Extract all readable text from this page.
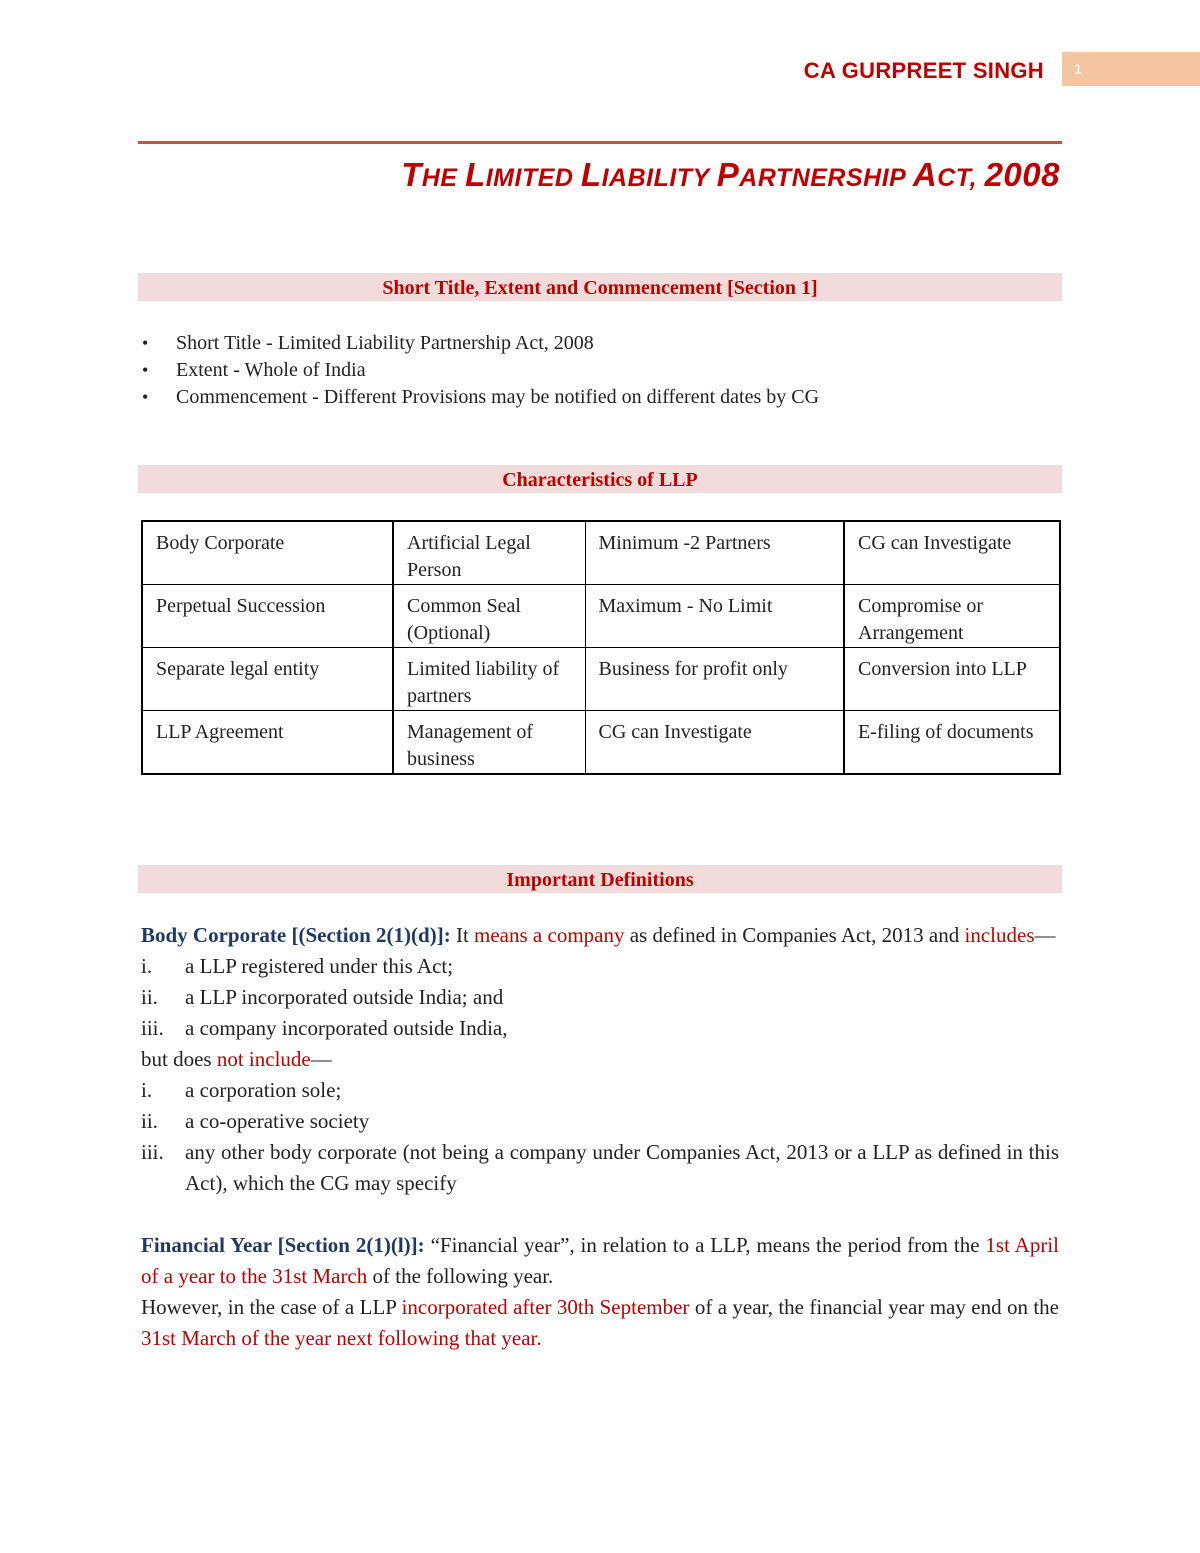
CA GURPREET SINGH	1
THE LIMITED LIABILITY PARTNERSHIP ACT, 2008
Short Title, Extent and Commencement [Section 1]
• Short Title - Limited Liability Partnership Act, 2008
• Extent - Whole of India
• Commencement - Different Provisions may be notified on different dates by CG
Characteristics of LLP
Body Corporate	Artificial Legal Person	Minimum -2 Partners	CG can Investigate
Perpetual Succession	Common Seal (Optional)	Maximum - No Limit	Compromise or Arrangement
Separate legal entity	Limited liability of partners	Business for profit only	Conversion into LLP
LLP Agreement	Management of business	CG can Investigate	E-filing of documents
Important Definitions

Body Corporate [(Section 2(1)(d)]: It means a company as defined in Companies Act, 2013 and includes—

i. a LLP registered under this Act;
ii. a LLP incorporated outside India; and
iii. a company incorporated outside India,

but does not include—

i. a corporation sole;
ii. a co-operative society
iii. any other body corporate (not being a company under Companies Act, 2013 or a LLP as defined in this Act), which the CG may specify

Financial Year [Section 2(1)(l)]: “Financial year”, in relation to a LLP, means the period from the 1st April of a year to the 31st March of the following year.

However, in the case of a LLP incorporated after 30th September of a year, the financial year may end on the 31st March of the year next following that year.
